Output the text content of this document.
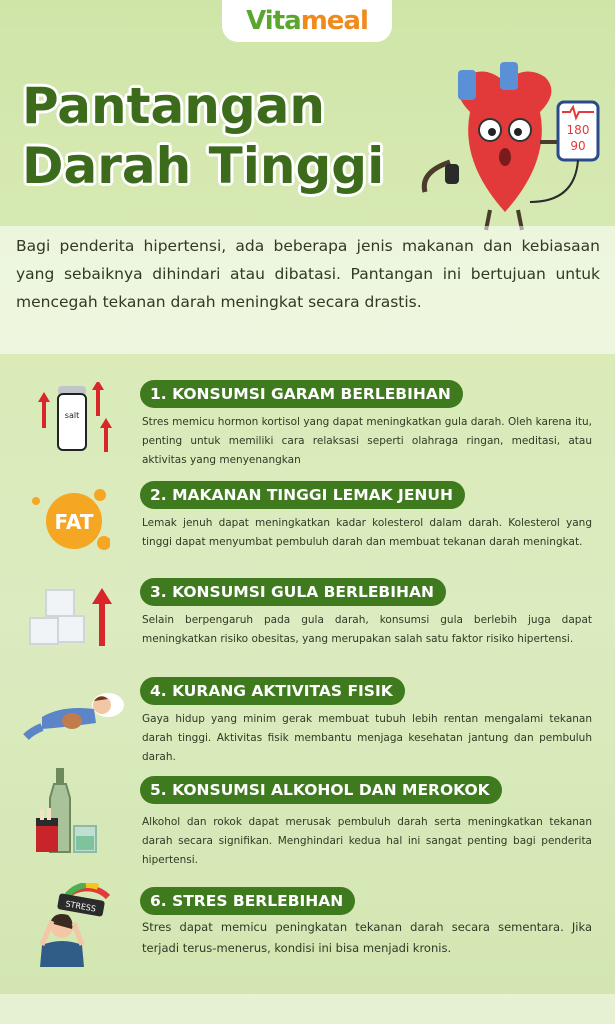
Vita meal
Pantangan
Darah Tinggi
180
90

Bagi penderita hipertensi, ada beberapa jenis makanan dan kebiasaan yang sebaiknya dihindari atau dibatasi. Pantangan ini bertujuan untuk mencegah tekanan darah meningkat secara drastis.

salt
1. KONSUMSI GARAM BERLEBIHAN
Stres memicu hormon kortisol yang dapat meningkatkan gula darah. Oleh karena itu, penting untuk memiliki cara relaksasi seperti olahraga ringan, meditasi, atau aktivitas yang menyenangkan
FAT
2. MAKANAN TINGGI LEMAK JENUH
Lemak jenuh dapat meningkatkan kadar kolesterol dalam darah. Kolesterol yang tinggi dapat menyumbat pembuluh darah dan membuat tekanan darah meningkat.
3. KONSUMSI GULA BERLEBIHAN
Selain berpengaruh pada gula darah, konsumsi gula berlebih juga dapat meningkatkan risiko obesitas, yang merupakan salah satu faktor risiko hipertensi.
4. KURANG AKTIVITAS FISIK
Gaya hidup yang minim gerak membuat tubuh lebih rentan mengalami tekanan darah tinggi. Aktivitas fisik membantu menjaga kesehatan jantung dan pembuluh darah.
5. KONSUMSI ALKOHOL DAN MEROKOK
Alkohol dan rokok dapat merusak pembuluh darah serta meningkatkan tekanan darah secara signifikan. Menghindari kedua hal ini sangat penting bagi penderita hipertensi.
STRESS	6. STRES BERLEBIHAN
Stres dapat memicu peningkatan tekanan darah secara sementara. Jika terjadi terus-menerus, kondisi ini bisa menjadi kronis.
